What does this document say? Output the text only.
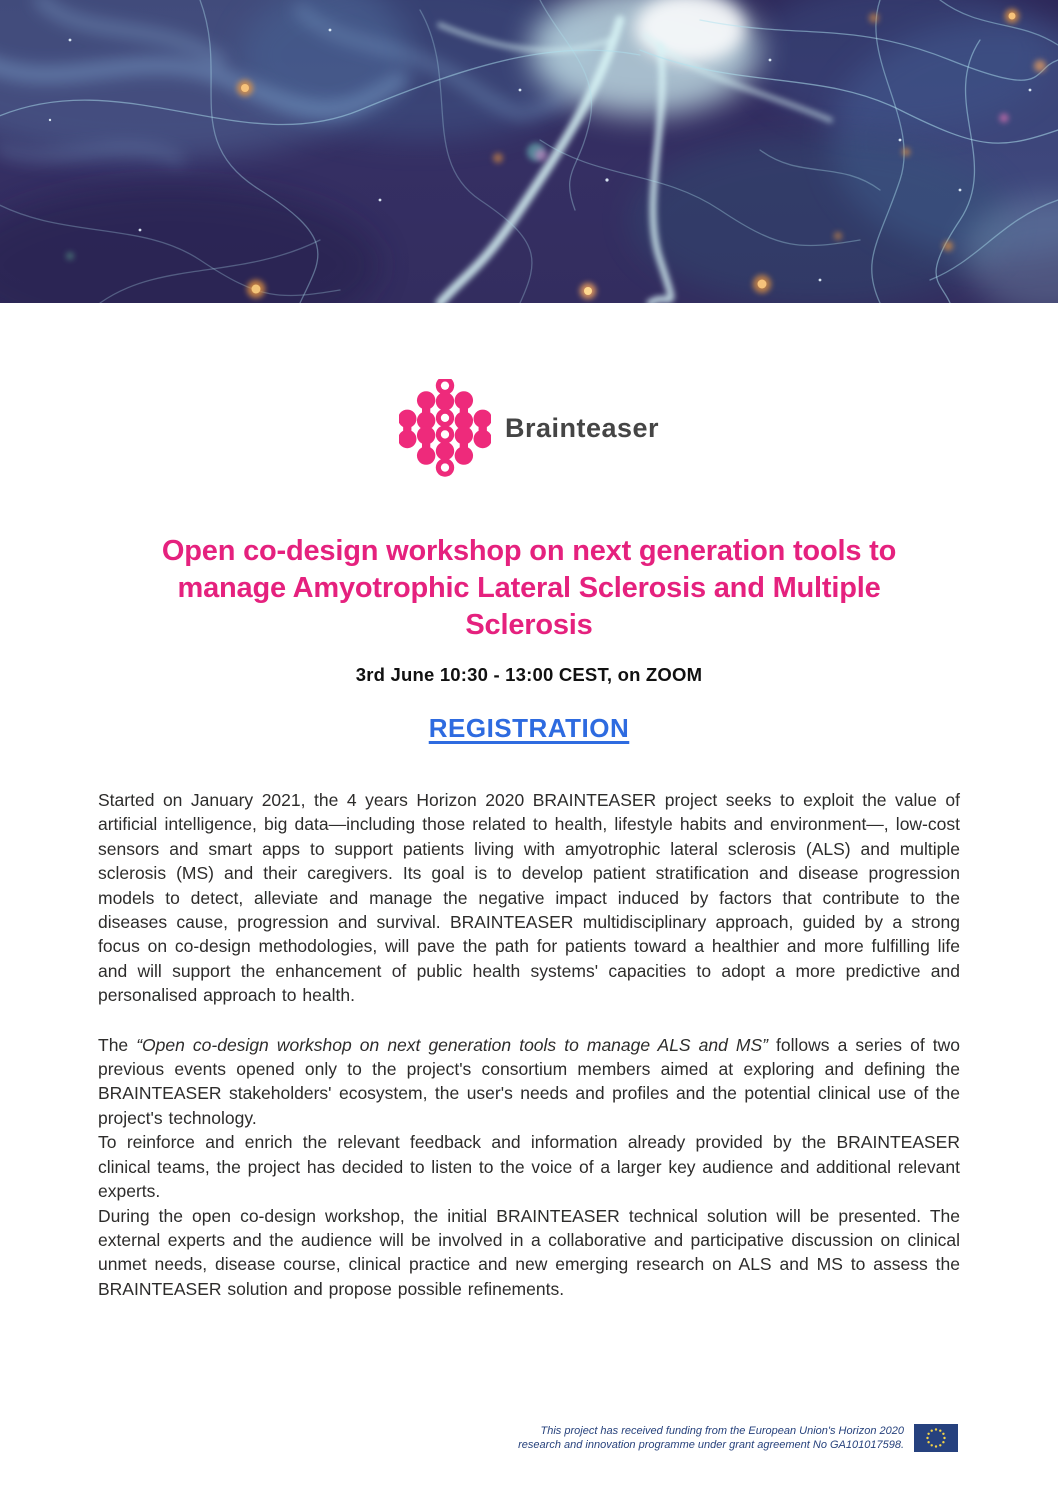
Brainteaser
Open co-design workshop on next generation tools to
manage Amyotrophic Lateral Sclerosis and Multiple
Sclerosis
3rd June 10:30 - 13:00 CEST, on ZOOM
REGISTRATION

Started on January 2021, the 4 years Horizon 2020 BRAINTEASER project seeks to exploit the value of artificial intelligence, big data—including those related to health, lifestyle habits and environment—, low-cost sensors and smart apps to support patients living with amyotrophic lateral sclerosis (ALS) and multiple sclerosis (MS) and their caregivers. Its goal is to develop patient stratification and disease progression models to detect, alleviate and manage the negative impact induced by factors that contribute to the diseases cause, progression and survival. BRAINTEASER multidisciplinary approach, guided by a strong focus on co-design methodologies, will pave the path for patients toward a healthier and more fulfilling life and will support the enhancement of public health systems' capacities to adopt a more predictive and personalised approach to health.

The “Open co-design workshop on next generation tools to manage ALS and MS” follows a series of two previous events opened only to the project's consortium members aimed at exploring and defining the BRAINTEASER stakeholders' ecosystem, the user's needs and profiles and the potential clinical use of the project's technology.

To reinforce and enrich the relevant feedback and information already provided by the BRAINTEASER clinical teams, the project has decided to listen to the voice of a larger key audience and additional relevant experts.

During the open co-design workshop, the initial BRAINTEASER technical solution will be presented. The external experts and the audience will be involved in a collaborative and participative discussion on clinical unmet needs, disease course, clinical practice and new emerging research on ALS and MS to assess the BRAINTEASER solution and propose possible refinements.

This project has received funding from the European Union's Horizon 2020
research and innovation programme under grant agreement No GA101017598.
